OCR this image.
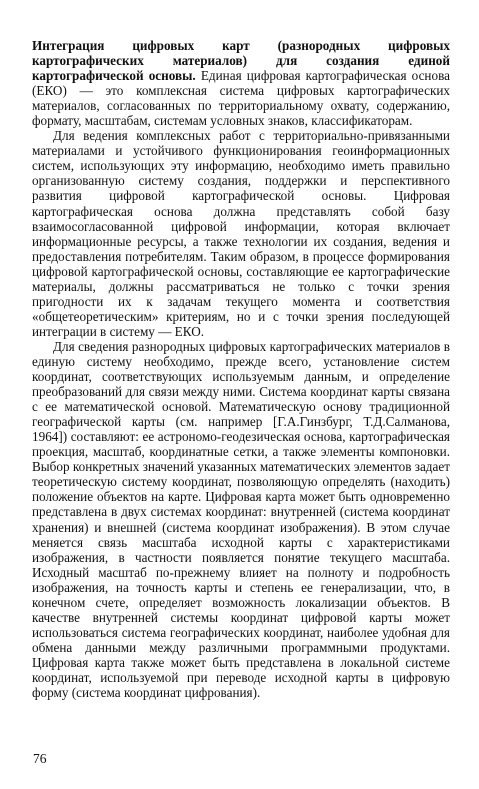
Интеграция цифровых карт (разнородных цифровых картографических материалов) для создания единой картографической основы. Единая цифровая картографическая основа (ЕКО) — это комплексная система цифровых картографических материалов, согласованных по территориальному охвату, содержанию, формату, масштабам, системам условных знаков, классификаторам.

Для ведения комплексных работ с территориально-привязанными материалами и устойчивого функционирования геоинформационных систем, использующих эту информацию, необходимо иметь правильно организованную систему создания, поддержки и перспективного развития цифровой картографической основы. Цифровая картографическая основа должна представлять собой базу взаимосогласованной цифровой информации, которая включает информационные ресурсы, а также технологии их создания, ведения и предоставления потребителям. Таким образом, в процессе формирования цифровой картографической основы, составляющие ее картографические материалы, должны рассматриваться не только с точки зрения пригодности их к задачам текущего момента и соответствия «общетеоретическим» критериям, но и с точки зрения последующей интеграции в систему — ЕКО.

Для сведения разнородных цифровых картографических материалов в единую систему необходимо, прежде всего, установление систем координат, соответствующих используемым данным, и определение преобразований для связи между ними. Система координат карты связана с ее математической основой. Математическую основу традиционной географической карты (см. например [Г.А.Гинзбург, Т.Д.Салманова, 1964]) составляют: ее астрономо-геодезическая основа, картографическая проекция, масштаб, координатные сетки, а также элементы компоновки. Выбор конкретных значений указанных математических элементов задает теоретическую систему координат, позволяющую определять (находить) положение объектов на карте. Цифровая карта может быть одновременно представлена в двух системах координат: внутренней (система координат хранения) и внешней (система координат изображения). В этом случае меняется связь масштаба исходной карты с характеристиками изображения, в частности появляется понятие текущего масштаба. Исходный масштаб по-прежнему влияет на полноту и подробность изображения, на точность карты и степень ее генерализации, что, в конечном счете, определяет возможность локализации объектов. В качестве внутренней системы координат цифровой карты может использоваться система географических координат, наиболее удобная для обмена данными между различными программными продуктами. Цифровая карта также может быть представлена в локальной системе координат, используемой при переводе исходной карты в цифровую форму (система координат цифрования).

76
